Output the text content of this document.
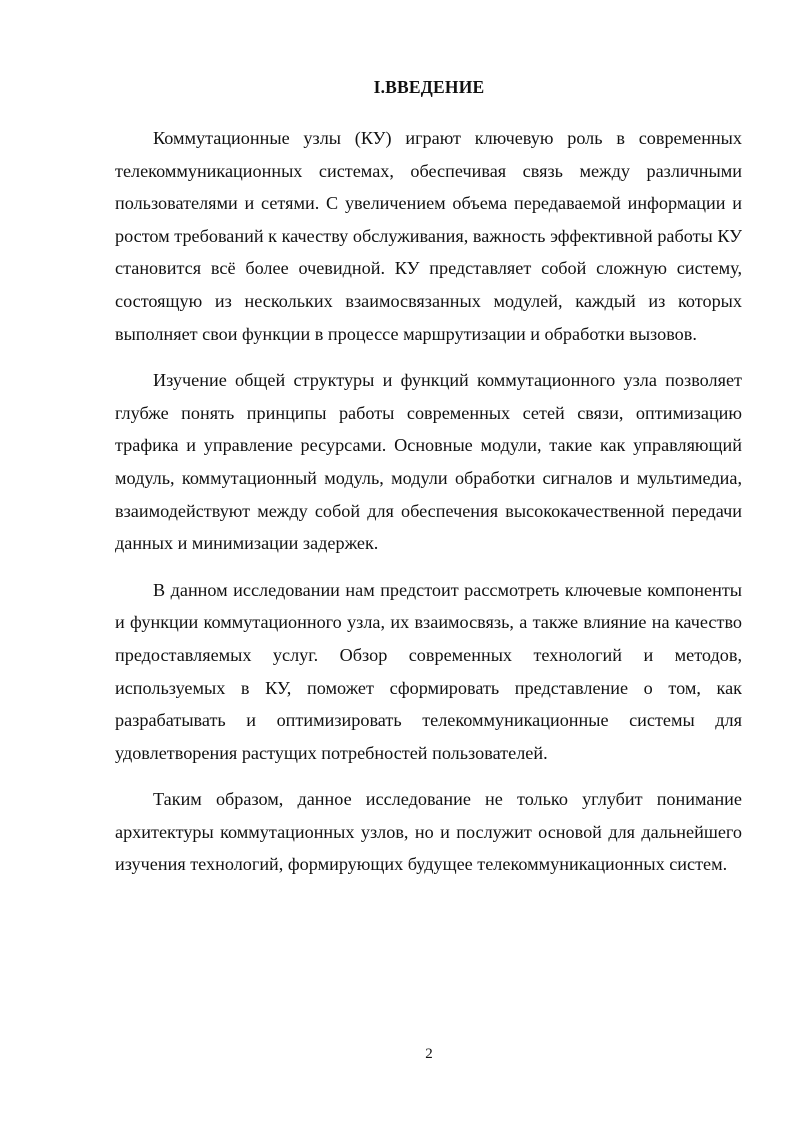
I.ВВЕДЕНИЕ

Коммутационные узлы (КУ) играют ключевую роль в современных телекоммуникационных системах, обеспечивая связь между различными пользователями и сетями. С увеличением объема передаваемой информации и ростом требований к качеству обслуживания, важность эффективной работы КУ становится всё более очевидной. КУ представляет собой сложную систему, состоящую из нескольких взаимосвязанных модулей, каждый из которых выполняет свои функции в процессе маршрутизации и обработки вызовов.

Изучение общей структуры и функций коммутационного узла позволяет глубже понять принципы работы современных сетей связи, оптимизацию трафика и управление ресурсами. Основные модули, такие как управляющий модуль, коммутационный модуль, модули обработки сигналов и мультимедиа, взаимодействуют между собой для обеспечения высококачественной передачи данных и минимизации задержек.

В данном исследовании нам предстоит рассмотреть ключевые компоненты и функции коммутационного узла, их взаимосвязь, а также влияние на качество предоставляемых услуг. Обзор современных технологий и методов, используемых в КУ, поможет сформировать представление о том, как разрабатывать и оптимизировать телекоммуникационные системы для удовлетворения растущих потребностей пользователей.

Таким образом, данное исследование не только углубит понимание архитектуры коммутационных узлов, но и послужит основой для дальнейшего изучения технологий, формирующих будущее телекоммуникационных систем.

2
